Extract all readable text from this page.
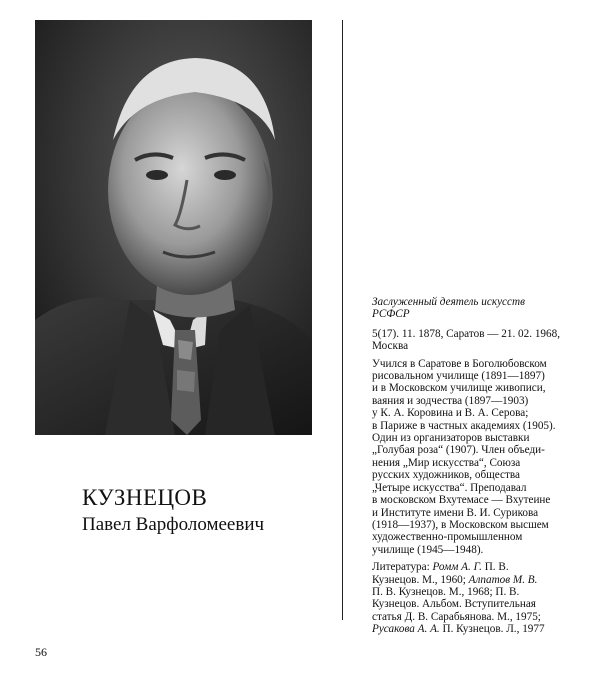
КУЗНЕЦОВ
Павел Варфоломеевич
Заслуженный деятель искусств
РСФСР

5(17). 11. 1878, Саратов — 21. 02. 1968,
Москва

Учился в Саратове в Боголюбовском
рисовальном училище (1891—1897)
и в Московском училище живописи,
ваяния и зодчества (1897—1903)
у К. А. Коровина и В. А. Серова;
в Париже в частных академиях (1905).
Один из организаторов выставки
„Голубая роза“ (1907). Член объеди-
нения „Мир искусства“, Союза
русских художников, общества
„Четыре искусства“. Преподавал
в московском Вхутемасе — Вхутеине
и Институте имени В. И. Сурикова
(1918—1937), в Московском высшем
художественно-промышленном
училище (1945—1948).

Литература: Ромм А. Г. П. В.
Кузнецов. М., 1960; Алпатов М. В.
П. В. Кузнецов. М., 1968; П. В.
Кузнецов. Альбом. Вступительная
статья Д. В. Сарабьянова. М., 1975;
Русакова А. А. П. Кузнецов. Л., 1977

56
